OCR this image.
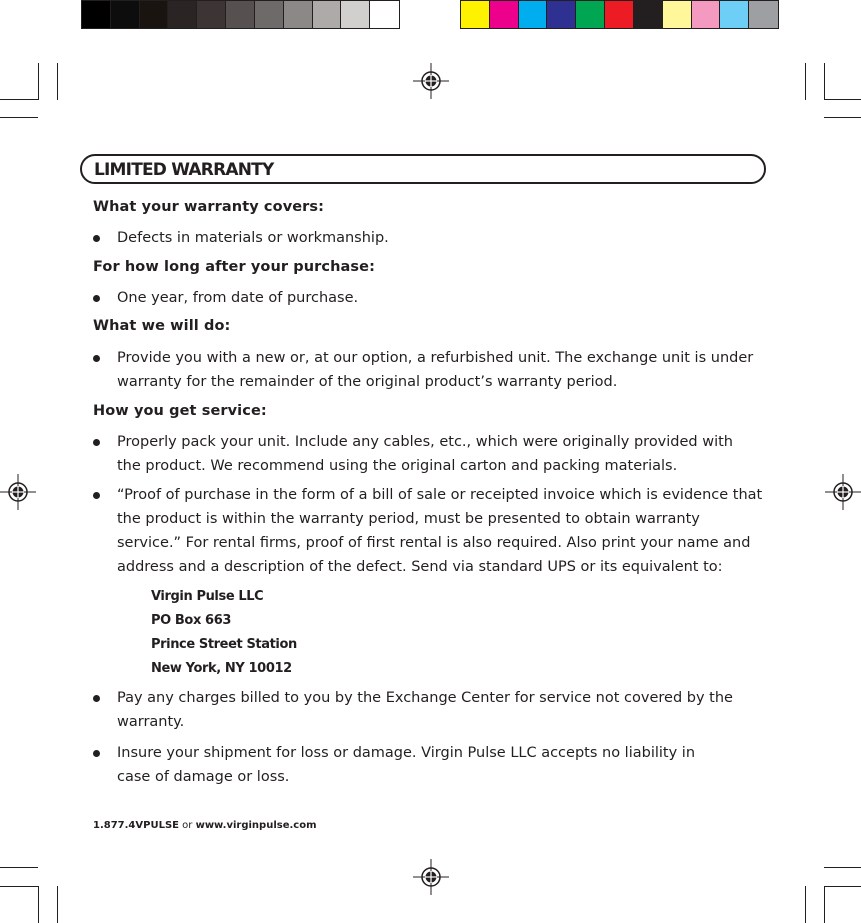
LIMITED WARRANTY
What your warranty covers:
Defects in materials or workmanship.
For how long after your purchase:
One year, from date of purchase.
What we will do:
Provide you with a new or, at our option, a refurbished unit. The exchange unit is under warranty for the remainder of the original product’s warranty period.
How you get service:
Properly pack your unit. Include any cables, etc., which were originally provided with the product. We recommend using the original carton and packing materials.
“Proof of purchase in the form of a bill of sale or receipted invoice which is evidence that the product is within the warranty period, must be presented to obtain warranty service.” For rental firms, proof of first rental is also required. Also print your name and address and a description of the defect. Send via standard UPS or its equivalent to:
Virgin Pulse LLC
PO Box 663
Prince Street Station
New York, NY 10012
Pay any charges billed to you by the Exchange Center for service not covered by the warranty.
Insure your shipment for loss or damage. Virgin Pulse LLC accepts no liability in case of damage or loss.
1.877.4VPULSE or www.virginpulse.com
